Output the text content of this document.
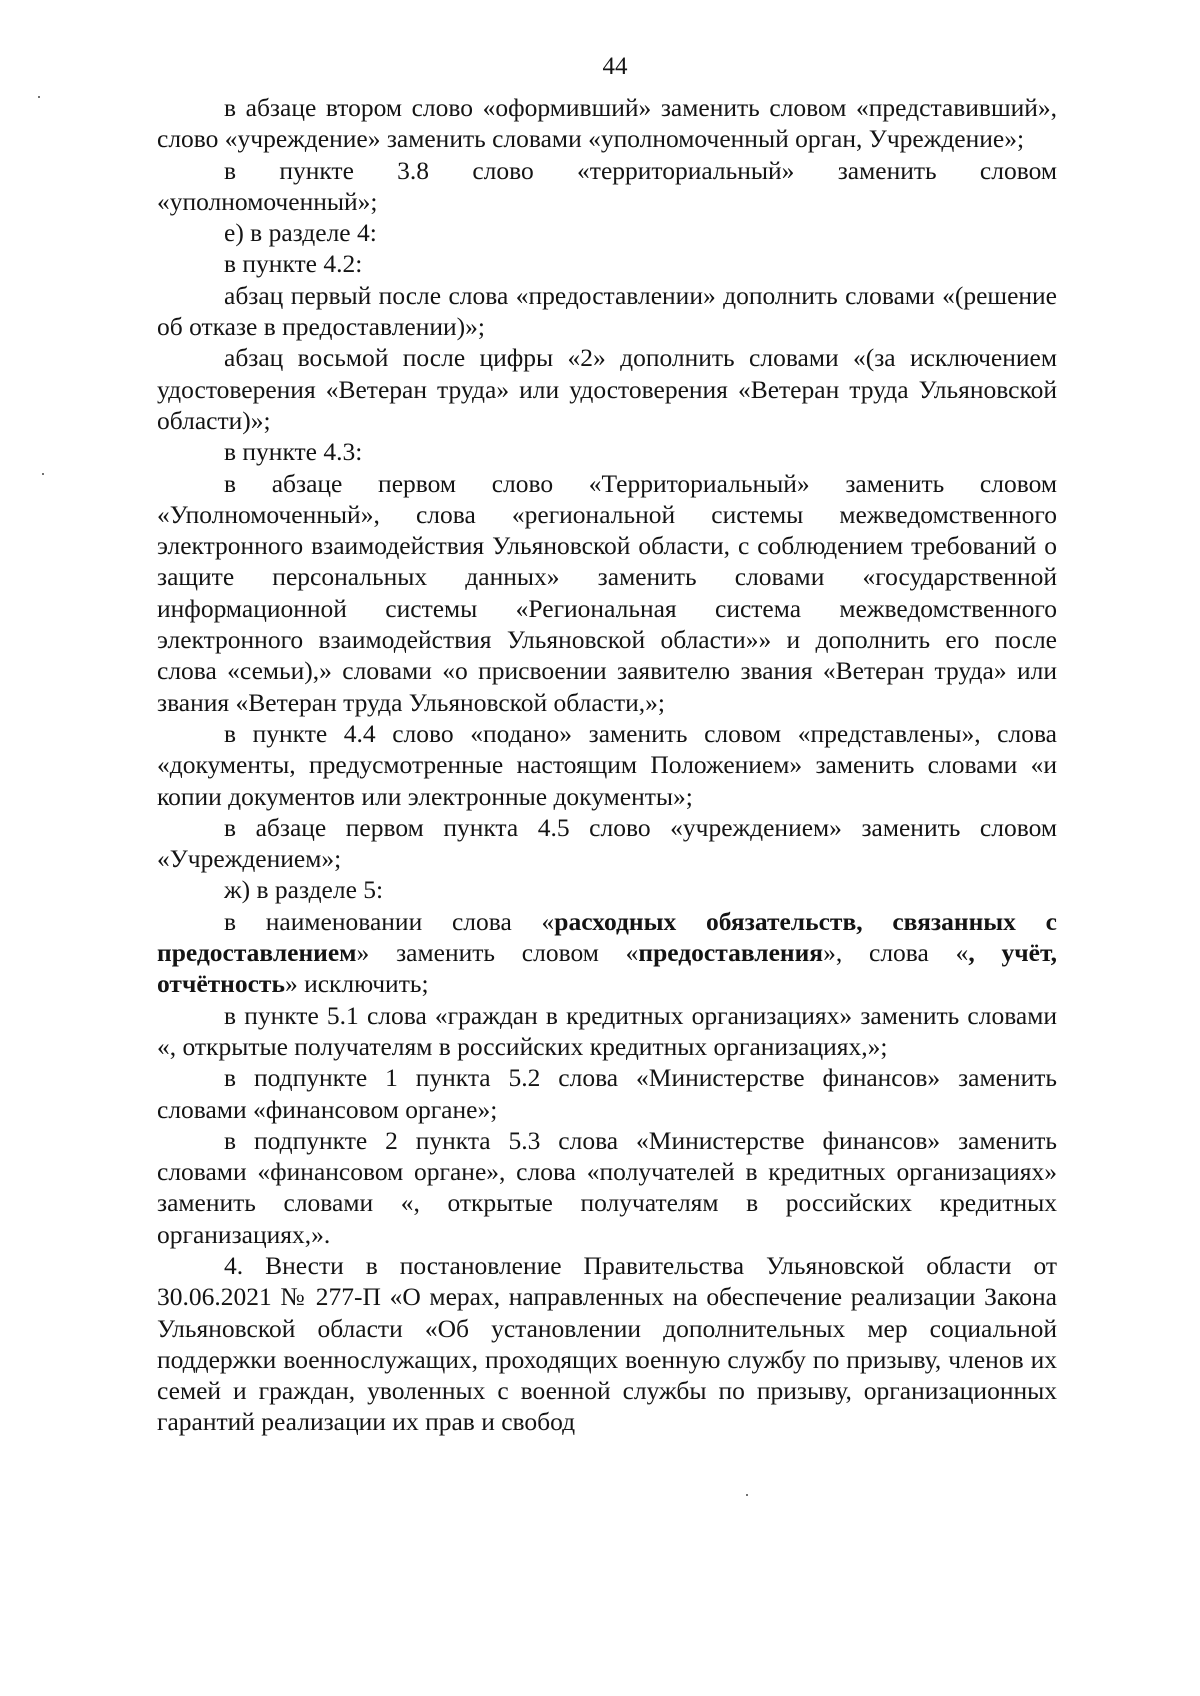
44

в абзаце втором слово «оформивший» заменить словом «представивший», слово «учреждение» заменить словами «уполномоченный орган, Учреждение»;

в пункте 3.8 слово «территориальный» заменить словом «уполномоченный»;

е) в разделе 4:

в пункте 4.2:

абзац первый после слова «предоставлении» дополнить словами «(решение об отказе в предоставлении)»;

абзац восьмой после цифры «2» дополнить словами «(за исключением удостоверения «Ветеран труда» или удостоверения «Ветеран труда Ульяновской области)»;

в пункте 4.3:

в абзаце первом слово «Территориальный» заменить словом «Уполномоченный», слова «региональной системы межведомственного электронного взаимодействия Ульяновской области, с соблюдением требований о защите персональных данных» заменить словами «государственной информационной системы «Региональная система межведомственного электронного взаимодействия Ульяновской области»» и дополнить его после слова «семьи),» словами «о присвоении заявителю звания «Ветеран труда» или звания «Ветеран труда Ульяновской области,»;

в пункте 4.4 слово «подано» заменить словом «представлены», слова «документы, предусмотренные настоящим Положением» заменить словами «и копии документов или электронные документы»;

в абзаце первом пункта 4.5 слово «учреждением» заменить словом «Учреждением»;

ж) в разделе 5:

в наименовании слова «расходных обязательств, связанных с предоставлением» заменить словом «предоставления», слова «, учёт, отчётность» исключить;

в пункте 5.1 слова «граждан в кредитных организациях» заменить словами «, открытые получателям в российских кредитных организациях,»;

в подпункте 1 пункта 5.2 слова «Министерстве финансов» заменить словами «финансовом органе»;

в подпункте 2 пункта 5.3 слова «Министерстве финансов» заменить словами «финансовом органе», слова «получателей в кредитных организациях» заменить словами «, открытые получателям в российских кредитных организациях,».

4. Внести в постановление Правительства Ульяновской области от 30.06.2021 № 277-П «О мерах, направленных на обеспечение реализации Закона Ульяновской области «Об установлении дополнительных мер социальной поддержки военнослужащих, проходящих военную службу по призыву, членов их семей и граждан, уволенных с военной службы по призыву, организационных гарантий реализации их прав и свобод
